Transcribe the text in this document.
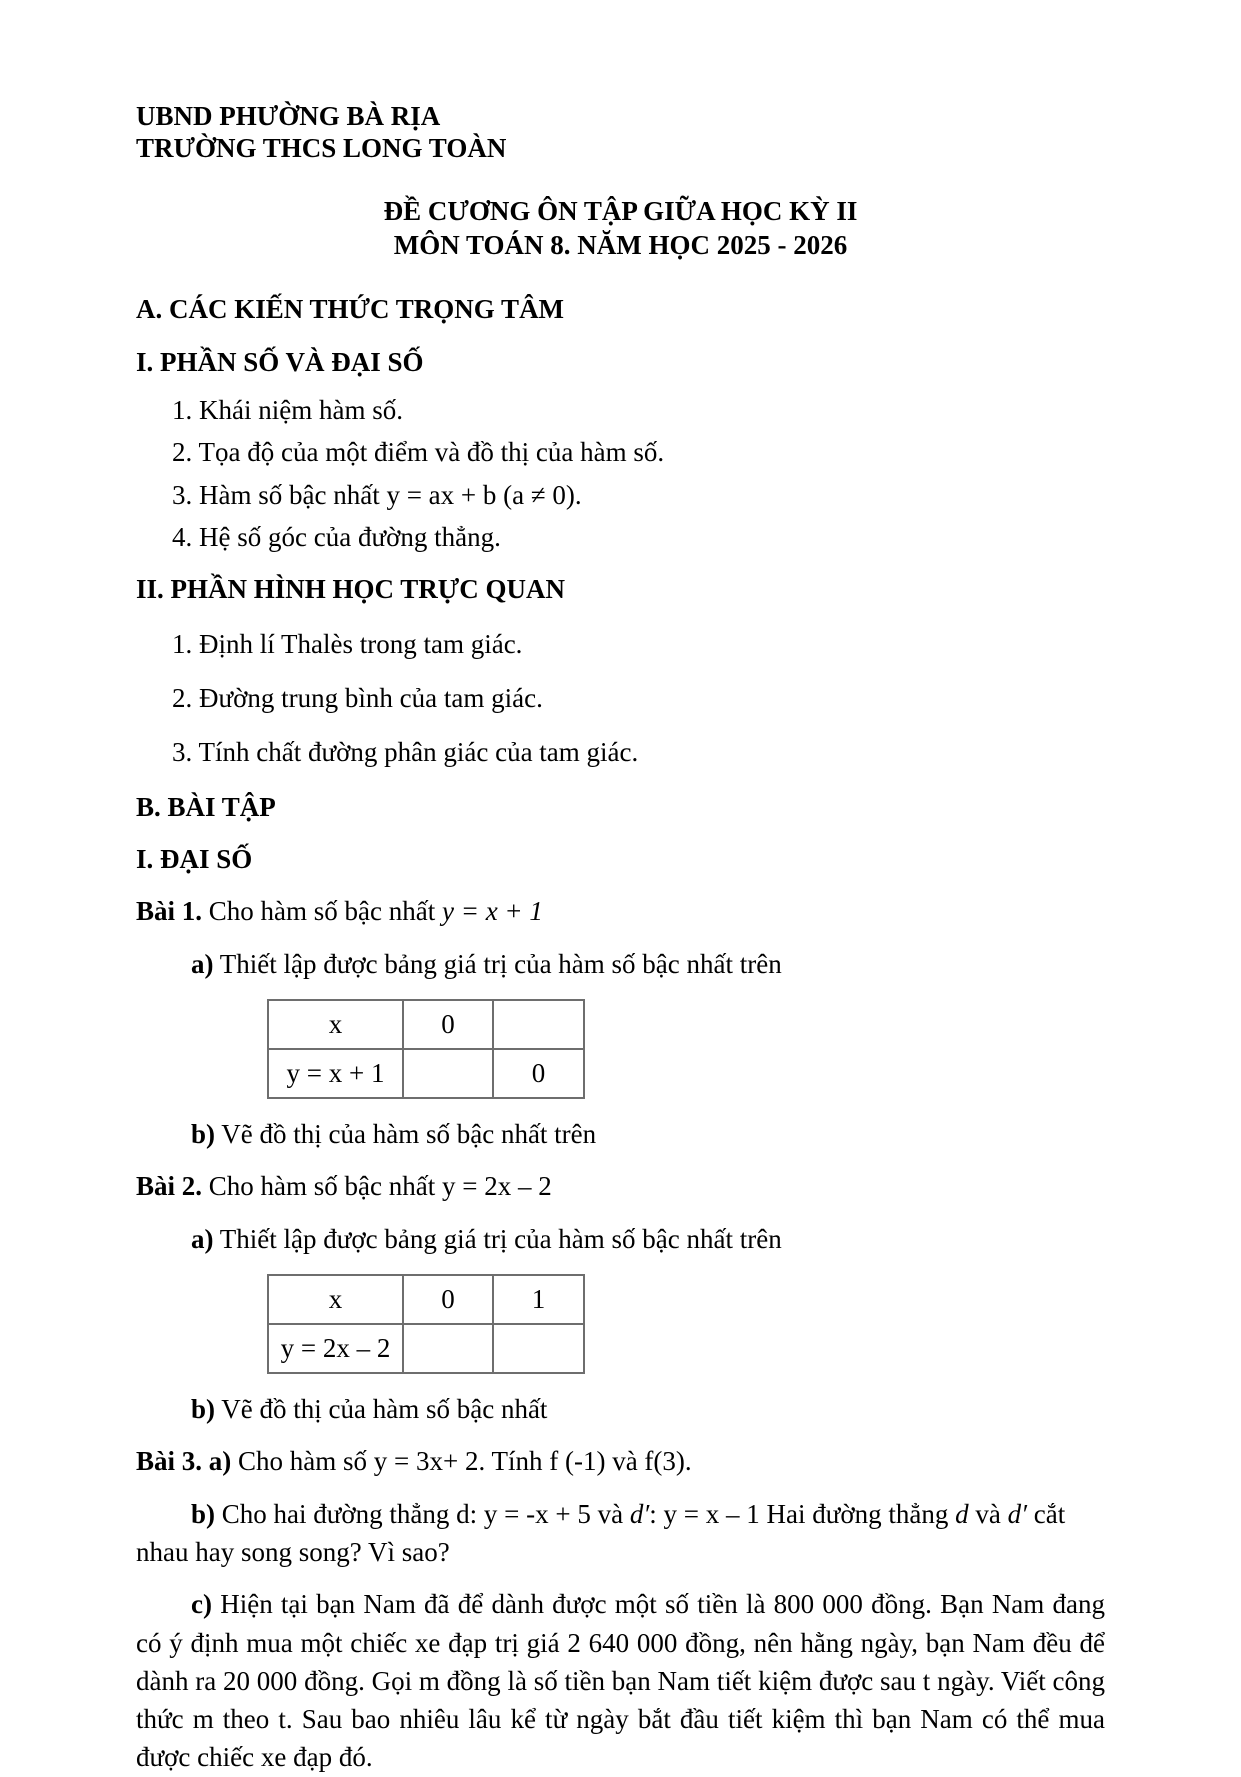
UBND PHƯỜNG BÀ RỊA

TRƯỜNG THCS LONG TOÀN

ĐỀ CƯƠNG ÔN TẬP GIỮA HỌC KỲ II

MÔN TOÁN 8. NĂM HỌC 2025 - 2026

A. CÁC KIẾN THỨC TRỌNG TÂM

I. PHẦN SỐ VÀ ĐẠI SỐ

1. Khái niệm hàm số.

2. Tọa độ của một điểm và đồ thị của hàm số.

3. Hàm số bậc nhất y = ax + b (a ≠ 0).

4. Hệ số góc của đường thẳng.

II. PHẦN HÌNH HỌC TRỰC QUAN

1. Định lí Thalès trong tam giác.

2. Đường trung bình của tam giác.

3. Tính chất đường phân giác của tam giác.

B. BÀI TẬP

I. ĐẠI SỐ

Bài 1. Cho hàm số bậc nhất y = x + 1

a) Thiết lập được bảng giá trị của hàm số bậc nhất trên

x	0	
y = x + 1		0

b) Vẽ đồ thị của hàm số bậc nhất trên

Bài 2. Cho hàm số bậc nhất y = 2x – 2

a) Thiết lập được bảng giá trị của hàm số bậc nhất trên

x	0	1
y = 2x – 2		

b) Vẽ đồ thị của hàm số bậc nhất

Bài 3. a) Cho hàm số y = 3x+ 2. Tính f (-1) và f(3).

b) Cho hai đường thẳng d: y = -x + 5 và d′: y = x – 1 Hai đường thẳng d và d′ cắt nhau hay song song? Vì sao?

c) Hiện tại bạn Nam đã để dành được một số tiền là 800 000 đồng. Bạn Nam đang có ý định mua một chiếc xe đạp trị giá 2 640 000 đồng, nên hằng ngày, bạn Nam đều để dành ra 20 000 đồng. Gọi m đồng là số tiền bạn Nam tiết kiệm được sau t ngày. Viết công thức m theo t. Sau bao nhiêu lâu kể từ ngày bắt đầu tiết kiệm thì bạn Nam có thể mua được chiếc xe đạp đó.
